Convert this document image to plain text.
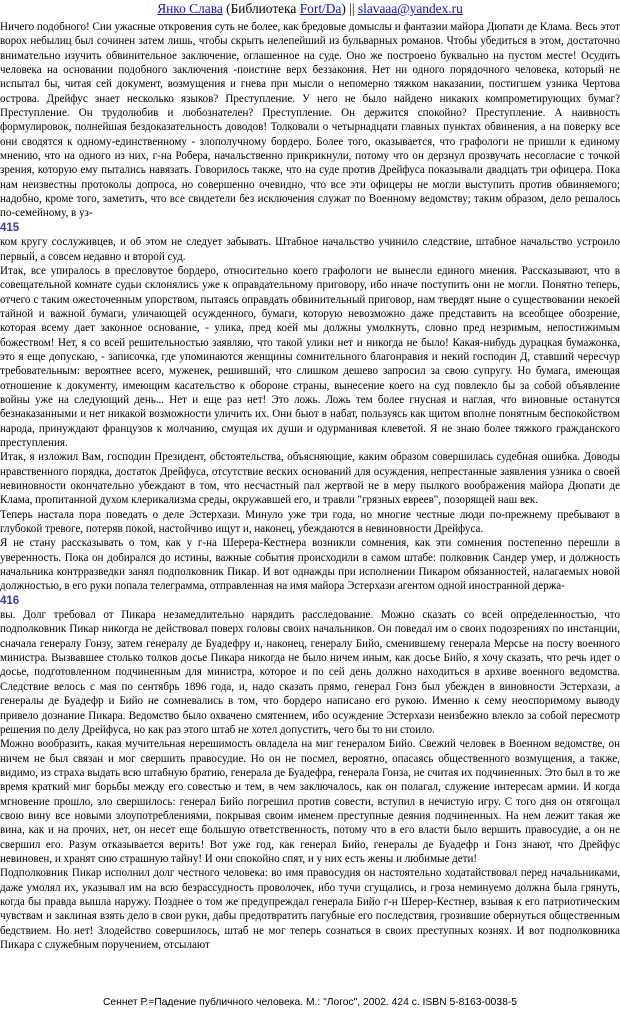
Янко Слава (Библиотека Fort/Da) || slavaaa@yandex.ru

Ничего подобного! Сии ужасные откровения суть не более, как бредовые домыслы и фантазии майора Дюпати де Клама. Весь этот ворох небылиц был сочинен затем лишь, чтобы скрыть нелепейший из бульварных романов. Чтобы убедиться в этом, достаточно внимательно изучить обвинительное заключение, оглашенное на суде. Оно же построено буквально на пустом месте! Осудить человека на основании подобного заключения -поистине верх беззакония. Нет ни одного порядочного человека, который не испытал бы, читая сей документ, возмущения и гнева при мысли о непомерно тяжком наказании, постигшем узника Чертова острова. Дрейфус знает несколько языков? Преступление. У него не было найдено никаких компрометирующих бумаг? Преступление. Он трудолюбив и любознателен? Преступление. Он держится спокойно? Преступление. А наивность формулировок, полнейшая бездоказательность доводов! Толковали о четырнадцати главных пунктах обвинения, а на поверку все они сводятся к одному-единственному - злополучному бордеро. Более того, оказывается, что графологи не пришли к единому мнению, что на одного из них, г-на Робера, начальственно прикрикнули, потому что он дерзнул прозвучать несогласие с точкой зрения, которую ему пытались навязать. Говорилось также, что на суде против Дрейфуса показывали двадцать три офицера. Пока нам неизвестны протоколы допроса, но совершенно очевидно, что все эти офицеры не могли выступить против обвиняемого; надобно, кроме того, заметить, что все свидетели без исключения служат по Военному ведомству; таким образом, дело решалось по-семейному, в уз-

415

ком кругу сослуживцев, и об этом не следует забывать. Штабное начальство учинило следствие, штабное начальство устроило первый, а совсем недавно и второй суд.

Итак, все упиралось в пресловутое бордеро, относительно коего графологи не вынесли единого мнения. Рассказывают, что в совещательной комнате судьи склонялись уже к оправдательному приговору, ибо иначе поступить они не могли. Понятно теперь, отчего с таким ожесточенным упорством, пытаясь оправдать обвинительный приговор, нам твердят ныне о существовании некоей тайной и важной бумаги, уличающей осужденного, бумаги, которую невозможно даже представить на всеобщее обозрение, которая всему дает законное основание, - улика, пред коей мы должны умолкнуть, словно пред незримым, непостижимым божеством! Нет, я со всей решительностью заявляю, что такой улики нет и никогда не было! Какая-нибудь дурацкая бумажонка, это я еще допускаю, - записочка, где упоминаются женщины сомнительного благонравия и некий господин Д, ставший чересчур требовательным: вероятнее всего, муженек, решивший, что слишком дешево запросил за свою супругу. Но бумага, имеющая отношение к документу, имеющим касательство к обороне страны, вынесение коего на суд повлекло бы за собой объявление войны уже на следующий день... Нет и еще раз нет! Это ложь. Ложь тем более гнусная и наглая, что виновные останутся безнаказанными и нет никакой возможности уличить их. Они бьют в набат, пользуясь как щитом вполне понятным беспокойством народа, принуждают французов к молчанию, смущая их души и одурманивая клеветой. Я не знаю более тяжкого гражданского преступления.

Итак, я изложил Вам, господин Президент, обстоятельства, объясняющие, каким образом совершилась судебная ошибка. Доводы нравственного порядка, достаток Дрейфуса, отсутствие веских оснований для осуждения, непрестанные заявления узника о своей невиновности окончательно убеждают в том, что несчастный пал жертвой не в меру пылкого воображения майора Дюпати де Клама, пропитанной духом клерикализма среды, окружавшей его, и травли "грязных евреев", позорящей наш век.

Теперь настала пора поведать о деле Эстерхази. Минуло уже три года, но многие честные люди по-прежнему пребывают в глубокой тревоге, потеряв покой, настойчиво ищут и, наконец, убеждаются в невиновности Дрейфуса.

Я не стану рассказывать о том, как у г-на Шерера-Кестнера возникли сомнения, как эти сомнения постепенно перешли в уверенность. Пока он добирался до истины, важные события происходили в самом штабе: полковник Сандер умер, и должность начальника контрразведки занял подполковник Пикар. И вот однажды при исполнении Пикаром обязанностей, налагаемых новой должностью, в его руки попала телеграмма, отправленная на имя майора Эстерхази агентом одной иностранной держа-

416

вы. Долг требовал от Пикара незамедлительно нарядить расследование. Можно сказать со всей определенностью, что подполковник Пикар никогда не действовал поверх головы своих начальников. Он поведал им о своих подозрениях по инстанции, сначала генералу Гонзу, затем генералу де Буадефру и, наконец, генералу Бийо, сменившему генерала Мерсье на посту военного министра. Вызвавшее столько толков досье Пикара никогда не было ничем иным, как досье Бийо, я хочу сказать, что речь идет о досье, подготовленном подчиненным для министра, которое и по сей день должно находиться в архиве военного ведомства. Следствие велось с мая по сентябрь 1896 года, и, надо сказать прямо, генерал Гонз был убежден в виновности Эстерхази, а генералы де Буадефр и Бийо не сомневались в том, что бордеро написано его рукою. Именно к сему неоспоримому выводу привело дознание Пикара. Ведомство было охвачено смятением, ибо осуждение Эстерхази неизбежно влекло за собой пересмотр решения по делу Дрейфуса, но как раз этого штаб не хотел допустить, чего бы то ни стоило.

Можно вообразить, какая мучительная нерешимость овладела на миг генералом Бийо. Свежий человек в Военном ведомстве, он ничем не был связан и мог свершить правосудие. Но он не посмел, вероятно, опасаясь общественного возмущения, а также, видимо, из страха выдать всю штабную братию, генерала де Буадефра, генерала Гонза, не считая их подчиненных. Это был в то же время краткий миг борьбы между его совестью и тем, в чем заключалось, как он полагал, служение интересам армии. И когда мгновение прошло, зло свершилось: генерал Бийо погрешил против совести, вступил в нечистую игру. С того дня он отягощал свою вину все новыми злоупотреблениями, покрывая своим именем преступные деяния подчиненных. На нем лежит такая же вина, как и на прочих, нет, он несет еще большую ответственность, потому что в его власти было вершить правосудие, а он не свершил его. Разум отказывается верить! Вот уже год, как генерал Бийо, генералы де Буадефр и Гонз знают, что Дрейфус невиновен, и хранят сию страшную тайну! И они спокойно спят, и у них есть жены и любимые дети!

Подполковник Пикар исполнил долг честного человека: во имя правосудия он настоятельно ходатайствовал перед начальниками, даже умолял их, указывал им на всю безрассудность проволочек, ибо тучи сгущались, и гроза неминуемо должна была грянуть, когда бы правда вышла наружу. Позднее о том же предупреждал генерала Бийо г-н Шерер-Кестнер, взывая к его патриотическим чувствам и заклиная взять дело в свои руки, дабы предотвратить пагубные его последствия, грозившие обернуться общественным бедствием. Но нет! Злодейство совершилось, штаб не мог теперь сознаться в своих преступных кознях. И вот подполковника Пикара с служебным поручением, отсылают

Сеннет Р.=Падение публичного человека. М.: "Логос", 2002. 424 с. ISBN 5-8163-0038-5
